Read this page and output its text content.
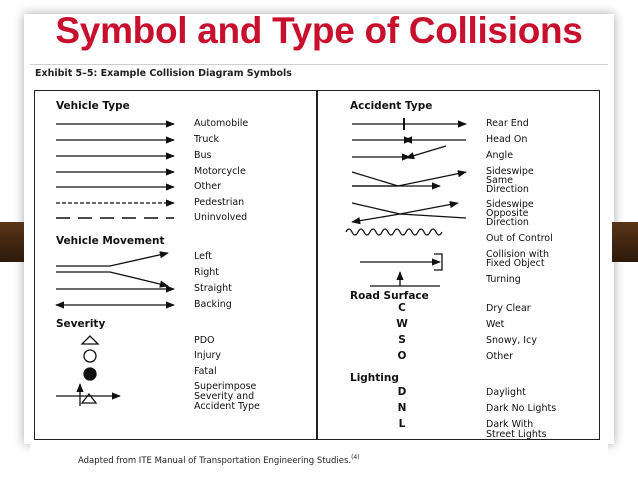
Symbol and Type of Collisions
Exhibit 5–5: Example Collision Diagram Symbols
Vehicle Type
Automobile
Truck
Bus
Motorcycle
Other
Pedestrian
Uninvolved
Vehicle Movement
Left
Right
Straight
Backing
Severity
PDO
Injury
Fatal
Superimpose
Severity and
Accident Type
Accident Type
Rear End
Head On
Angle
Sideswipe
Same
Direction
Sideswipe
Opposite
Direction
Out of Control
Collision with
Fixed Object
Turning
Road Surface
C
W
S
O
Dry Clear
Wet
Snowy, Icy
Other
Lighting
D
N
L
Daylight
Dark No Lights
Dark With
Street Lights
Adapted from ITE Manual of Transportation Engineering Studies.$^{(4)}$
